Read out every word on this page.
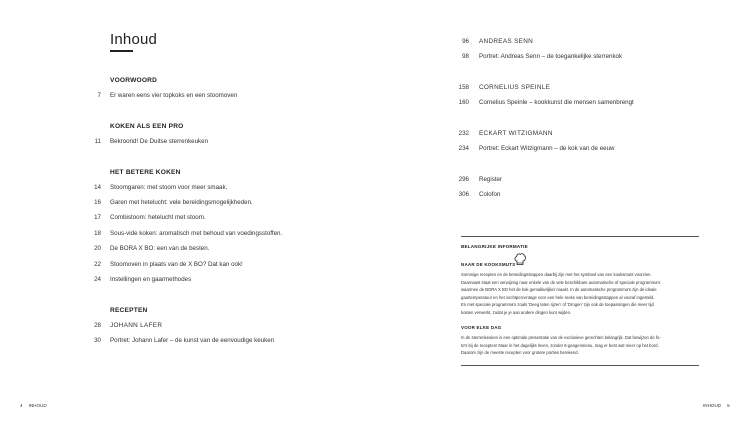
Inhoud
VOORWOORD
7 Er waren eens vier topkoks en een stoomoven
KOKEN ALS EEN PRO
11 Bekroond! De Duitse sterrenkeuken
HET BETERE KOKEN
14 Stoomgaren: met stoom voor meer smaak.
16 Garen met hetelucht: vele bereidingsmogelijkheden.
17 Combistoom: hetelucht met stoom.
18 Sous-vide koken: aromatisch met behoud van voedingsstoffen.
20 De BORA X BO: een van de besten.
22 Stoomoven in plaats van de X BO? Dat kan ook!
24 Instellingen en gaarmethodes
RECEPTEN
28 JOHANN LAFER
30 Portret: Johann Lafer – de kunst van de eenvoudige keuken
4 INHOUD
96 ANDREAS SENN
98 Portret: Andreas Senn – de toegankelijke sterrenkok
158 CORNELIUS SPEINLE
160 Cornelius Speinle – kookkunst die mensen samenbrengt
232 ECKART WITZIGMANN
234 Portret: Eckart Witzigmann – de kok van de eeuw
296 Register
306 Colofon
BELANGRIJKE INFORMATIE
NAAR DE KOOKSMUTS
Sommige recepten en de bereidingsstappen daarbij zijn met het symbool van een kooksmuts voorzien.
Daarnaast staat een verwijzing naar enkele van de vele beschikbare automatische of speciale programma's
waarmee de BORA X BO het de kok gemakkelijker maakt. In de automatische programma's zijn de ideale
gaartemperatuur en het vochtpercentage voor een hele reeks van bereidingsstappen al vooraf ingesteld.
En met speciale programma's zoals 'Deeg laten rijzen' of 'Drogen' zijn ook de toepassingen die meer tijd
kosten verwerkt, zodat je je aan andere dingen kunt wijden.
VOOR ELKE DAG
In de sterrenkeuken is een optimale presentatie van de exclusieve gerechten belangrijk. Dat bewijzen de fo-
to's bij de recepten! Maar in het dagelijks leven, zonder 6-gangenmenu, mag er best wat meer op het bord.
Daarom zijn de meeste recepten voor grotere porties berekend.
INHOUD 5
